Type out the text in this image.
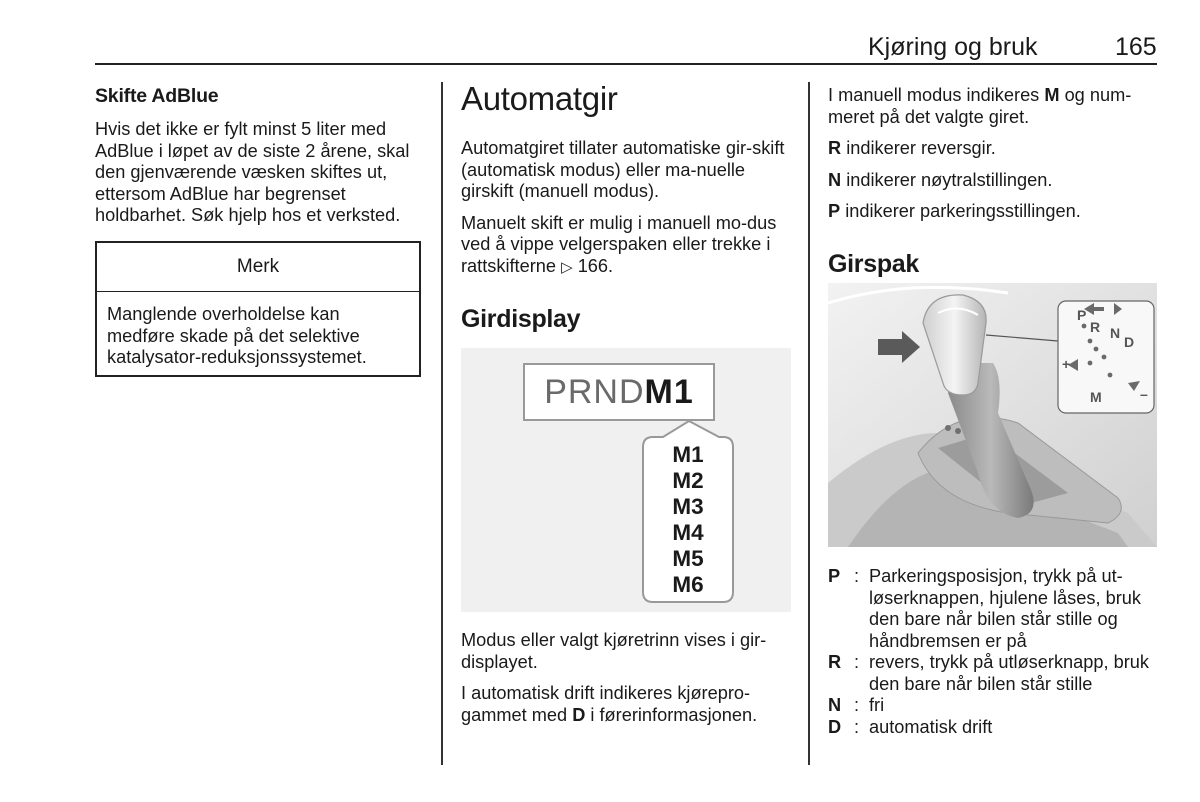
Kjøring og bruk	165
Skifte AdBlue

Hvis det ikke er fylt minst 5 liter med AdBlue i løpet av de siste 2 årene, skal den gjenværende væsken skiftes ut, ettersom AdBlue har begrenset holdbarhet. Søk hjelp hos et verksted.

Merk
Manglende overholdelse kan medføre skade på det selektive katalysator-reduksjonssystemet.
Automatgir

Automatgiret tillater automatiske gir-skift (automatisk modus) eller ma-nuelle girskift (manuell modus).

Manuelt skift er mulig i manuell mo-dus ved å vippe velgerspaken eller trekke i rattskifterne ▷ 166.

Girdisplay
PRND M1
M1
M2
M3
M4
M5
M6

Modus eller valgt kjøretrinn vises i gir-displayet.

I automatisk drift indikeres kjørepro-gammet med D i førerinformasjonen.

I manuell modus indikeres M og num-meret på det valgte giret.

R indikerer reversgir.

N indikerer nøytralstillingen.

P indikerer parkeringsstillingen.

Girspak
P
R N
D
+
M	–
P : Parkeringsposisjon, trykk på ut-løserknappen, hjulene låses, bruk den bare når bilen står stille og håndbremsen er på
R : revers, trykk på utløserknapp, bruk den bare når bilen står stille
N : fri
D : automatisk drift
